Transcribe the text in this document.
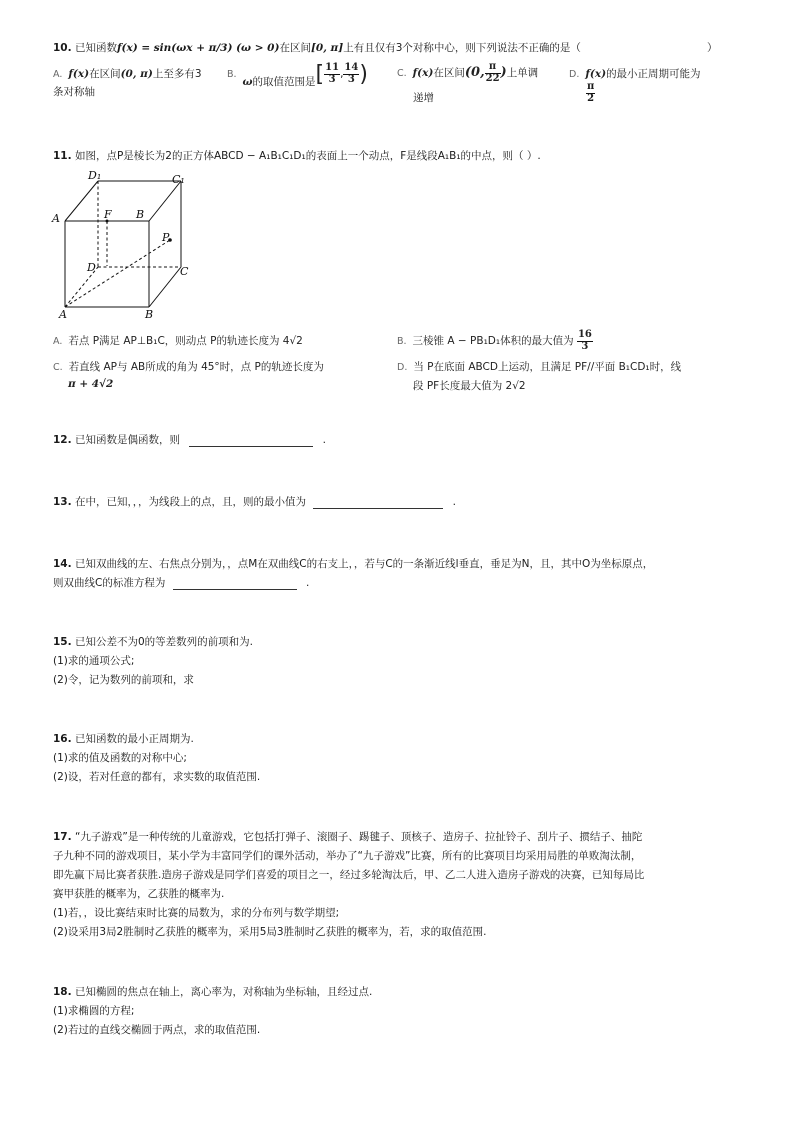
10. 已知函数f(x) = sin(ωx + π/3) (ω > 0)在区间[0, π]上有且仅有3个对称中心，则下列说法不正确的是（	）
A. f(x)在区间(0, π)上至多有3
条对称轴
B.ω的取值范围是[ $\frac{11}{3}$ , $\frac{14}{3}$ )	C. f(x)在区间(0, $\frac{\pi}{22}$ )上单调
递增
D. f(x)的最小正周期可能为
$\frac{\pi}{2}$
11. 如图，点P是棱长为2的正方体ABCD − A₁B₁C₁D₁的表面上一个动点，F是线段A₁B₁的中点，则（ ）.
D₁	C₁
A	F B
P
D	C
A	B
A. 若点 P满足 AP⊥B₁C，则动点 P的轨迹长度为 4√2	B. 三棱锥 A − PB₁D₁体积的最大值为 $\frac{16}{3}$
C. 若直线 AP与 AB所成的角为 45°时，点 P的轨迹长度为
π + 4√2
D. 当 P在底面 ABCD上运动，且满足 PF//平面 B₁CD₁时，线
段 PF长度最大值为 2√2
12. 已知函数是偶函数，则	.
13. 在中，已知，，，为线段上的点，且，则的最小值为	.
14. 已知双曲线的左、右焦点分别为，，点M在双曲线C的右支上，，若与C的一条渐近线l垂直，垂足为N，且，其中O为坐标原点，
则双曲线C的标准方程为	.
15. 已知公差不为0的等差数列的前项和为.
(1)求的通项公式;
(2)令，记为数列的前项和，求
16. 已知函数的最小正周期为.
(1)求的值及函数的对称中心;
(2)设，若对任意的都有，求实数的取值范围.
17. “九子游戏”是一种传统的儿童游戏，它包括打弹子、滚圈子、踢毽子、顶核子、造房子、拉扯铃子、刮片子、掼结子、抽陀
子九种不同的游戏项目，某小学为丰富同学们的课外活动，举办了“九子游戏”比赛，所有的比赛项目均采用局胜的单败淘汰制，
即先赢下局比赛者获胜.造房子游戏是同学们喜爱的项目之一，经过多轮淘汰后，甲、乙二人进入造房子游戏的决赛，已知每局比
赛甲获胜的概率为，乙获胜的概率为.
(1)若，，设比赛结束时比赛的局数为，求的分布列与数学期望;
(2)设采用3局2胜制时乙获胜的概率为，采用5局3胜制时乙获胜的概率为，若，求的取值范围.
18. 已知椭圆的焦点在轴上，离心率为，对称轴为坐标轴，且经过点.
(1)求椭圆的方程;
(2)若过的直线交椭圆于两点，求的取值范围.
